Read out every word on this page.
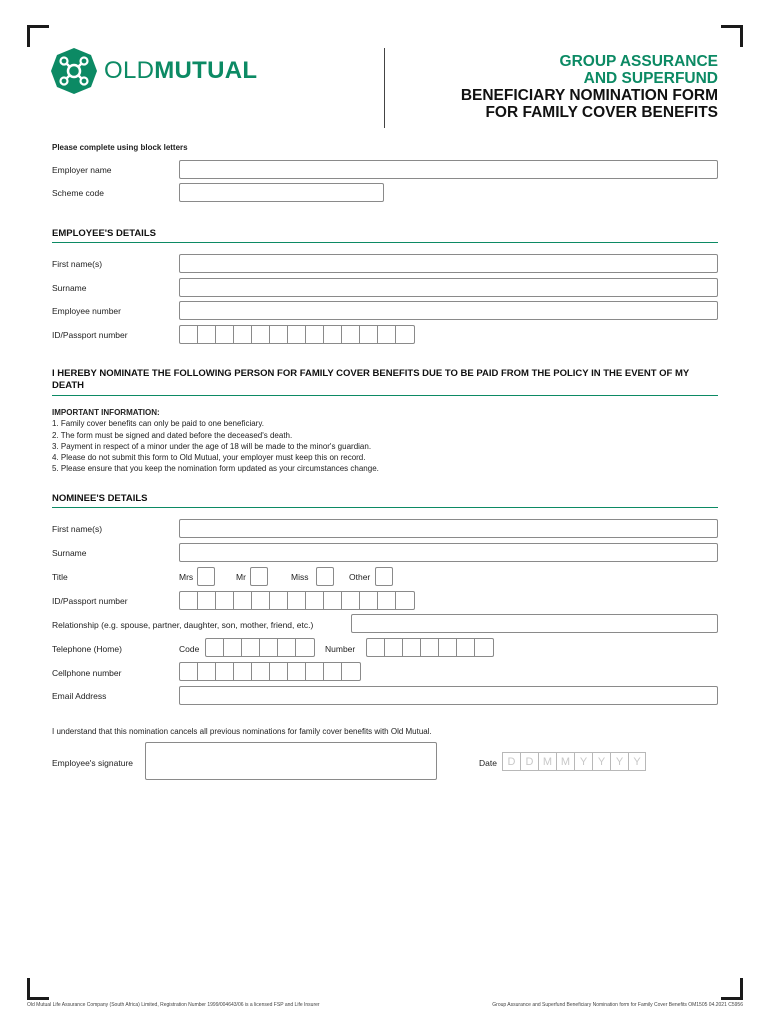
OLDMUTUAL	GROUP ASSURANCE
AND SUPERFUND
BENEFICIARY NOMINATION FORM
FOR FAMILY COVER BENEFITS
Please complete using block letters
Employer name
Scheme code
EMPLOYEE'S DETAILS
First name(s)
Surname
Employee number
ID/Passport number
I HEREBY NOMINATE THE FOLLOWING PERSON FOR FAMILY COVER BENEFITS DUE TO BE PAID FROM THE POLICY IN THE EVENT OF MY DEATH
IMPORTANT INFORMATION:
1. Family cover benefits can only be paid to one beneficiary.
2. The form must be signed and dated before the deceased's death.
3. Payment in respect of a minor under the age of 18 will be made to the minor's guardian.
4. Please do not submit this form to Old Mutual, your employer must keep this on record.
5. Please ensure that you keep the nomination form updated as your circumstances change.
NOMINEE'S DETAILS
First name(s)
Surname
Title	Mrs	Mr	Miss	Other
ID/Passport number
Relationship (e.g. spouse, partner, daughter, son, mother, friend, etc.)
Telephone (Home)	Code	Number
Cellphone number
Email Address
I understand that this nomination cancels all previous nominations for family cover benefits with Old Mutual.
Employee's signature	Date D D M M Y Y Y Y
Old Mutual Life Assurance Company (South Africa) Limited, Registration Number 1999/004643/06 is a licensed FSP and Life Insurer	Group Assurance and Superfund Beneficiary Nomination form for Family Cover Benefits OM1505 04.2021 C5956
